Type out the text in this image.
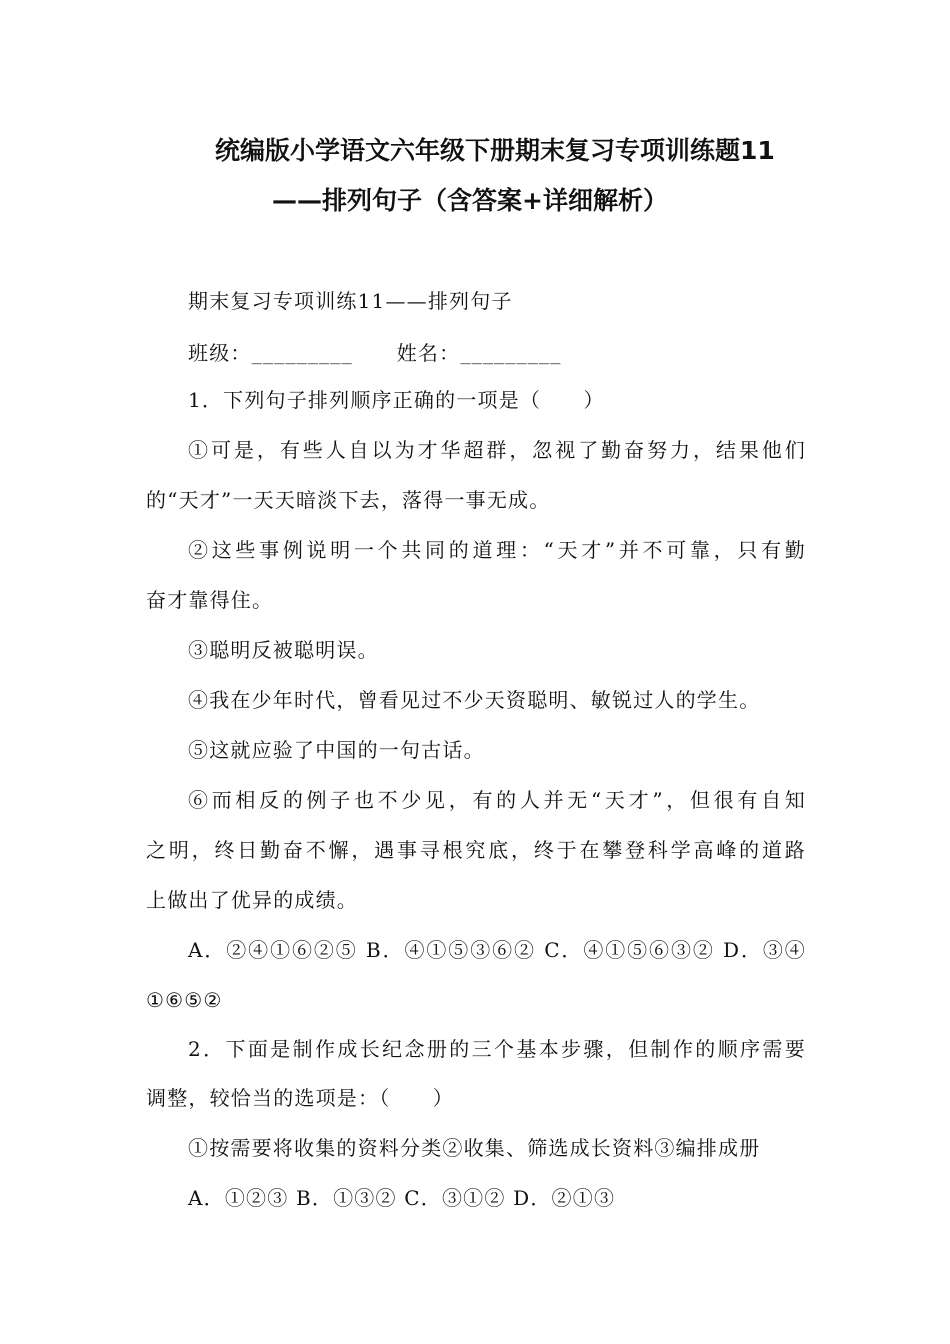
统编版小学语文六年级下册期末复习专项训练题11
——排列句子（含答案+详细解析）
期末复习专项训练11——排列句子
班级：_________ 姓名：_________
1．下列句子排列顺序正确的一项是（　　）
①可是，有些人自以为才华超群，忽视了勤奋努力，结果他们
的“天才”一天天暗淡下去，落得一事无成。
②这些事例说明一个共同的道理：“天才”并不可靠，只有勤
奋才靠得住。
③聪明反被聪明误。
④我在少年时代，曾看见过不少天资聪明、敏锐过人的学生。
⑤这就应验了中国的一句古话。
⑥而相反的例子也不少见，有的人并无“天才”，但很有自知
之明，终日勤奋不懈，遇事寻根究底，终于在攀登科学高峰的道路
上做出了优异的成绩。
A．②④①⑥②⑤ B．④①⑤③⑥② C．④①⑤⑥③② D．③④
①⑥⑤②
2．下面是制作成长纪念册的三个基本步骤，但制作的顺序需要
调整，较恰当的选项是：（　　）
①按需要将收集的资料分类②收集、筛选成长资料③编排成册
A．①②③ B．①③② C．③①② D．②①③
